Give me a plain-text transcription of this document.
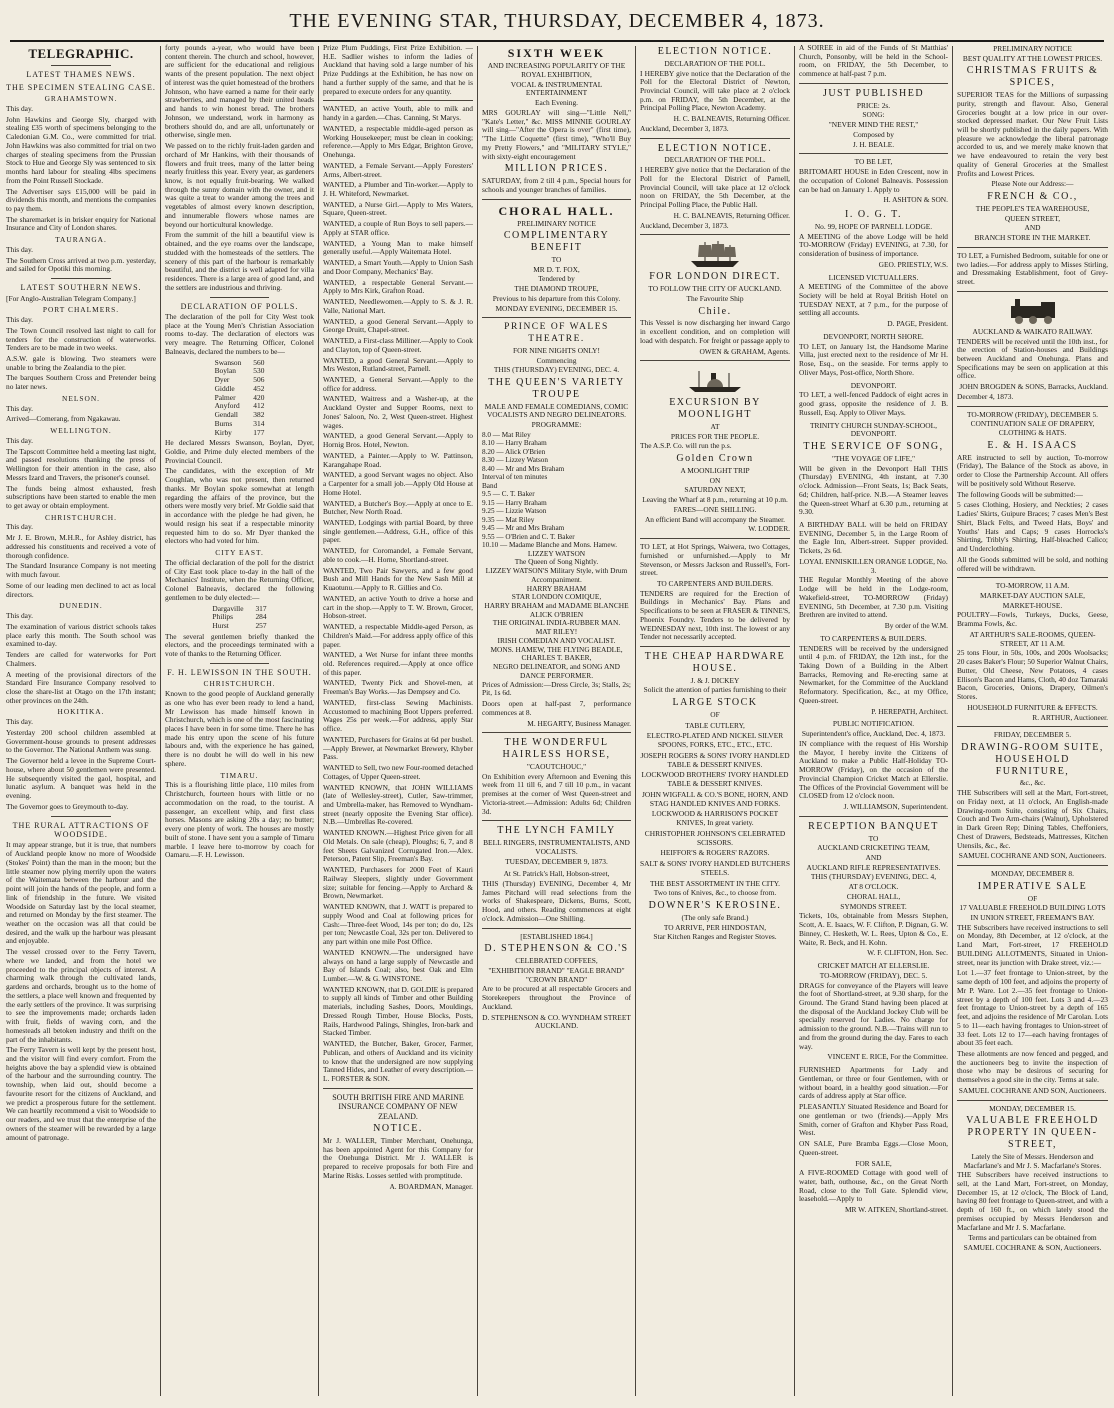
THE EVENING STAR, THURSDAY, DECEMBER 4, 1873.
TELEGRAPHIC.
LATEST THAMES NEWS.
THE SPECIMEN STEALING CASE.
GRAHAMSTOWN.

This day.

John Hawkins and George Sly, charged with stealing £35 worth of specimens belonging to the Caledonian G.M. Co., were committed for trial. John Hawkins was also committed for trial on two charges of stealing specimens from the Prussian Stock to Hue and George Sly was sentenced to six months hard labour for stealing 4lbs specimens from the Point Russell Stockade.

The Advertiser says £15,000 will be paid in dividends this month, and mentions the companies to pay them.

The sharemarket is in brisker enquiry for National Insurance and City of London shares.

TAURANGA.

This day.

The Southern Cross arrived at two p.m. yesterday, and sailed for Opotiki this morning.

LATEST SOUTHERN NEWS.

[For Anglo-Australian Telegram Company.]

PORT CHALMERS.

This day.

The Town Council resolved last night to call for tenders for the construction of waterworks. Tenders are to be made in two weeks.

A.S.W. gale is blowing. Two steamers were unable to bring the Zealandia to the pier.

The barques Southern Cross and Pretender being no later news.

NELSON.

This day.

Arrived—Comerang, from Ngakawau.

WELLINGTON.

This day.

The Tapscott Committee held a meeting last night, and passed resolutions thanking the press of Wellington for their attention in the case, also Messrs Izard and Travers, the prisoner's counsel.

The funds being almost exhausted, fresh subscriptions have been started to enable the men to get away or obtain employment.

CHRISTCHURCH.

This day.

Mr J. E. Brown, M.H.R., for Ashley district, has addressed his constituents and received a vote of thorough confidence.

The Standard Insurance Company is not meeting with much favour.

Some of our leading men declined to act as local directors.

DUNEDIN.

This day.

The examination of various district schools takes place early this month. The South school was examined to-day.

Tenders are called for waterworks for Port Chalmers.

A meeting of the provisional directors of the Standard Fire Insurance Company resolved to close the share-list at Otago on the 17th instant; other provinces on the 24th.

HOKITIKA.

This day.

Yesterday 200 school children assembled at Government-house grounds to present addresses to the Governor. The National Anthem was sung.

The Governor held a levee in the Supreme Court-house, where about 50 gentlemen were presented. He subsequently visited the gaol, hospital, and lunatic asylum. A banquet was held in the evening.

The Governor goes to Greymouth to-day.

THE RURAL ATTRACTIONS OF WOODSIDE.

It may appear strange, but it is true, that numbers of Auckland people know no more of Woodside (Stokes' Point) than the man in the moon; but the little steamer now plying merrily upon the waters of the Waitemata between the harbour and the point will join the hands of the people, and form a link of friendship in the future. We visited Woodside on Saturday last by the local steamer, and returned on Monday by the first steamer. The weather on the occasion was all that could be desired, and the walk up the harbour was pleasant and enjoyable.

The vessel crossed over to the Ferry Tavern, where we landed, and from the hotel we proceeded to the principal objects of interest. A charming walk through the cultivated lands, gardens and orchards, brought us to the home of the settlers, a place well known and frequented by the early settlers of the province. It was surprising to see the improvements made; orchards laden with fruit, fields of waving corn, and the homesteads all betoken industry and thrift on the part of the inhabitants.

The Ferry Tavern is well kept by the present host, and the visitor will find every comfort. From the heights above the bay a splendid view is obtained of the harbour and the surrounding country. The township, when laid out, should become a favourite resort for the citizens of Auckland, and we predict a prosperous future for the settlement. We can heartily recommend a visit to Woodside to our readers, and we trust that the enterprise of the owners of the steamer will be rewarded by a large amount of patronage.

forty pounds a-year, who would have been content therein. The church and school, however, are sufficient for the educational and religious wants of the present population. The next object of interest was the quiet homestead of the brothers Johnson, who have earned a name for their early strawberries, and managed by their united heads and hands to win honest bread. The brothers Johnson, we understand, work in harmony as brothers should do, and are all, unfortunately or otherwise, single men.

We passed on to the richly fruit-laden garden and orchard of Mr Hankins, with their thousands of flowers and fruit trees, many of the latter being nearly fruitless this year. Every year, as gardeners know, is not equally fruit-bearing. We walked through the sunny domain with the owner, and it was quite a treat to wander among the trees and vegetables of almost every known description, and innumerable flowers whose names are beyond our horticultural knowledge.

From the summit of the hill a beautiful view is obtained, and the eye roams over the landscape, studded with the homesteads of the settlers. The scenery of this part of the harbour is remarkably beautiful, and the district is well adapted for villa residences. There is a large area of good land, and the settlers are industrious and thriving.

DECLARATION OF POLLS.

The declaration of the poll for City West took place at the Young Men's Christian Association rooms to-day. The declaration of electors was very meagre. The Returning Officer, Colonel Balneavis, declared the numbers to be—

Swanson	560
Boylan	530
Dyer	506
Giddle	452
Palmer	420
Anyford	412
Gendall	382
Burns	314
Kirby	177

He declared Messrs Swanson, Boylan, Dyer, Goldie, and Prime duly elected members of the Provincial Council.

The candidates, with the exception of Mr Coughlan, who was not present, then returned thanks. Mr Boylan spoke somewhat at length regarding the affairs of the province, but the others were mostly very brief. Mr Goldie said that in accordance with the pledge he had given, he would resign his seat if a respectable minority requested him to do so. Mr Dyer thanked the electors who had voted for him.

CITY EAST.

The official declaration of the poll for the district of City East took place to-day in the hall of the Mechanics' Institute, when the Returning Officer, Colonel Balneavis, declared the following gentlemen to be duly elected:—

Dargaville	317
Philips	284
Hurst	257

The several gentlemen briefly thanked the electors, and the proceedings terminated with a vote of thanks to the Returning Officer.

F. H. LEWISSON IN THE SOUTH.
CHRISTCHURCH.

Known to the good people of Auckland generally as one who has ever been ready to lend a hand, Mr Lewisson has made himself known in Christchurch, which is one of the most fascinating places I have been in for some time. There he has made his entry upon the scene of his future labours and, with the experience he has gained, there is no doubt he will do well in his new sphere.

TIMARU.

This is a flourishing little place, 110 miles from Christchurch, fourteen hours with little or no accommodation on the road, to the tourist. A passenger, an excellent whip, and first class horses. Masons are asking 20s a day; no butter; every one plenty of work. The houses are mostly built of stone. I have sent you a sample of Timaru marble. I leave here to-morrow by coach for Oamaru.—F. H. Lewisson.

Prize Plum Puddings, First Prize Exhibition. — H.E. Sadlier wishes to inform the ladies of Auckland that having sold a large number of his Prize Puddings at the Exhibition, he has now on hand a further supply of the same, and that he is prepared to execute orders for any quantity.

WANTED, an active Youth, able to milk and handy in a garden.—Chas. Canning, St Marys.

WANTED, a respectable middle-aged person as Working Housekeeper; must be clean in cooking; reference.—Apply to Mrs Edgar, Brighton Grove, Onehunga.

WANTED, a Female Servant.—Apply Foresters' Arms, Albert-street.

WANTED, a Plumber and Tin-worker.—Apply to J. H. Whiteford, Newmarket.

WANTED, a Nurse Girl.—Apply to Mrs Waters, Square, Queen-street.

WANTED, a couple of Run Boys to sell papers.—Apply at STAR office.

WANTED, a Young Man to make himself generally useful.—Apply Waitemata Hotel.

WANTED, a Smart Youth.—Apply to Union Sash and Door Company, Mechanics' Bay.

WANTED, a respectable General Servant.—Apply to Mrs Kirk, Grafton Road.

WANTED, Needlewomen.—Apply to S. & J. R. Valle, National Mart.

WANTED, a good General Servant.—Apply to George Druitt, Chapel-street.

WANTED, a First-class Milliner.—Apply to Cook and Clayton, top of Queen-street.

WANTED, a good General Servant.—Apply to Mrs Weston, Rutland-street, Parnell.

WANTED, a General Servant.—Apply to the office for address.

WANTED, Waitress and a Washer-up, at the Auckland Oyster and Supper Rooms, next to Jones' Saloon, No. 2, West Queen-street. Highest wages.

WANTED, a good General Servant.—Apply to Hornig Bros. Hotel, Newton.

WANTED, a Painter.—Apply to W. Pattinson, Karangahape Road.

WANTED, a good Servant wages no object. Also a Carpenter for a small job.—Apply Old House at Home Hotel.

WANTED, a Butcher's Boy.—Apply at once to E. Butcher, New North Road.

WANTED, Lodgings with partial Board, by three single gentlemen.—Address, G.H., office of this paper.

WANTED, for Coromandel, a Female Servant, able to cook.—H. Horne, Shortland-street.

WANTED, Two Pair Sawyers, and a few good Bush and Mill Hands for the New Sash Mill at Kuaotunu.—Apply to R. Gillies and Co.

WANTED, an active Youth to drive a horse and cart in the shop.—Apply to T. W. Brown, Grocer, Hobson-street.

WANTED, a respectable Middle-aged Person, as Children's Maid.—For address apply office of this paper.

WANTED, a Wet Nurse for infant three months old. References required.—Apply at once office of this paper.

WANTED, Twenty Pick and Shovel-men, at Freeman's Bay Works.—Jas Dempsey and Co.

WANTED, first-class Sewing Machinists. Accustomed to machining Boot Uppers preferred. Wages 25s per week.—For address, apply Star office.

WANTED, Purchasers for Grains at 6d per bushel.—Apply Brewer, at Newmarket Brewery, Khyber Pass.

WANTED to Sell, two new Four-roomed detached Cottages, of Upper Queen-street.

WANTED KNOWN, that JOHN WILLIAMS (late of Wellesley-street), Cutler, Saw-trimmer, and Umbrella-maker, has Removed to Wyndham-street (nearly opposite the Evening Star office). N.B.—Umbrellas Re-covered.

WANTED KNOWN.—Highest Price given for all Old Metals. On sale (cheap), Ploughs; 6, 7, and 8 feet Sheets Galvanized Corrugated Iron.—Alex. Peterson, Patent Slip, Freeman's Bay.

WANTED, Purchasers for 2000 Feet of Kauri Railway Sleepers, slightly under Government size; suitable for fencing.—Apply to Archard & Brown, Newmarket.

WANTED KNOWN, that J. WATT is prepared to supply Wood and Coal at following prices for Cash:—Three-feet Wood, 14s per ton; do do, 12s per ton; Newcastle Coal, 32s per ton. Delivered to any part within one mile Post Office.

WANTED KNOWN.—The undersigned have always on hand a large supply of Newcastle and Bay of Islands Coal; also, best Oak and Elm Lumber.—W. & G. WINSTONE.

WANTED KNOWN, that D. GOLDIE is prepared to supply all kinds of Timber and other Building materials, including Sashes, Doors, Mouldings, Dressed Rough Timber, House Blocks, Posts, Rails, Hardwood Palings, Shingles, Iron-bark and Stacked Timber.

WANTED, the Butcher, Baker, Grocer, Farmer, Publican, and others of Auckland and its vicinity to know that the undersigned are now supplying Tanned Hides, and Leather of every description.—L. FORSTER & SON.

SOUTH BRITISH FIRE AND MARINE INSURANCE COMPANY OF NEW ZEALAND.
NOTICE.

Mr J. WALLER, Timber Merchant, Onehunga, has been appointed Agent for this Company for the Onehunga District. Mr J. WALLER is prepared to receive proposals for both Fire and Marine Risks. Losses settled with promptitude.

A. BOARDMAN, Manager.
SIXTH WEEK
AND INCREASING POPULARITY OF THE ROYAL EXHIBITION,
VOCAL & INSTRUMENTAL ENTERTAINMENT
Each Evening.

MRS GOURLAY will sing—"Little Nell," "Kate's Letter," &c. MISS MINNIE GOURLAY will sing—"After the Opera is over" (first time), "The Little Coquette" (first time), "Who'll Buy my Pretty Flowers," and "MILITARY STYLE," with sixty-eight encouragement

MILLION PRICES.

SATURDAY, from 2 till 4 p.m., Special hours for schools and younger branches of families.

CHORAL HALL.
PRELIMINARY NOTICE
COMPLIMENTARY BENEFIT
TO
MR D. T. FOX,
Tendered by
THE DIAMOND TROUPE,
Previous to his departure from this Colony.
MONDAY EVENING, DECEMBER 15.
PRINCE OF WALES THEATRE.
FOR NINE NIGHTS ONLY!
Commencing
THIS (THURSDAY) EVENING, DEC. 4.
THE QUEEN'S VARIETY TROUPE
MALE AND FEMALE COMEDIANS, COMIC VOCALISTS AND NEGRO DELINEATORS.
PROGRAMME:
8.0 — Mat Riley
8.10 — Harry Braham
8.20 — Alick O'Brien
8.30 — Lizzey Watson
8.40 — Mr and Mrs Braham
Interval of ten minutes
Band
9.5 — C. T. Baker
9.15 — Harry Braham
9.25 — Lizzie Watson
9.35 — Mat Riley
9.45 — Mr and Mrs Braham
9.55 — O'Brien and C. T. Baker
10.10 — Madame Blanche and Mons. Hamew.
LIZZEY WATSON
The Queen of Song Nightly.
LIZZEY WATSON'S Military Style, with Drum Accompaniment.
HARRY BRAHAM
STAR LONDON COMIQUE,
HARRY BRAHAM and MADAME BLANCHE
ALICK O'BRIEN
THE ORIGINAL INDIA-RUBBER MAN.
MAT RILEY!
IRISH COMEDIAN AND VOCALIST.
MONS. HAMEW, THE FLYING BEADLE,
CHARLES T. BAKER,
NEGRO DELINEATOR, and SONG AND DANCE PERFORMER.

Prices of Admission:—Dress Circle, 3s; Stalls, 2s; Pit, 1s 6d.

Doors open at half-past 7, performance commences at 8.

M. HEGARTY, Business Manager.
THE WONDERFUL HAIRLESS HORSE,
"CAOUTCHOUC,"

On Exhibition every Afternoon and Evening this week from 11 till 6, and 7 till 10 p.m., in vacant premises at the corner of West Queen-street and Victoria-street.—Admission: Adults 6d; Children 3d.

THE LYNCH FAMILY
BELL RINGERS, INSTRUMENTALISTS, AND VOCALISTS.
TUESDAY, DECEMBER 9, 1873.
At St. Patrick's Hall, Hobson-street,

THIS (Thursday) EVENING, December 4, Mr James Pitchard will read selections from the works of Shakespeare, Dickens, Burns, Scott, Hood, and others. Reading commences at eight o'clock. Admission—One Shilling.

[ESTABLISHED 1864.]
D. STEPHENSON & CO.'S
CELEBRATED COFFEES,
"EXHIBITION BRAND" "EAGLE BRAND" "CROWN BRAND"

Are to be procured at all respectable Grocers and Storekeepers throughout the Province of Auckland.

D. STEPHENSON & CO. WYNDHAM STREET AUCKLAND.
ELECTION NOTICE.
DECLARATION OF THE POLL.

I HEREBY give notice that the Declaration of the Poll for the Electoral District of Newton, Provincial Council, will take place at 2 o'clock p.m. on FRIDAY, the 5th December, at the Principal Polling Place, Newton Academy.

H. C. BALNEAVIS, Returning Officer.
Auckland, December 3, 1873.
ELECTION NOTICE.
DECLARATION OF THE POLL.

I HEREBY give notice that the Declaration of the Poll for the Electoral District of Parnell, Provincial Council, will take place at 12 o'clock noon on FRIDAY, the 5th December, at the Principal Polling Place, the Public Hall.

H. C. BALNEAVIS, Returning Officer.
Auckland, December 3, 1873.
FOR LONDON DIRECT.
TO FOLLOW THE CITY OF AUCKLAND.
The Favourite Ship
Chile.

This Vessel is now discharging her inward Cargo in excellent condition, and on completion will load with despatch. For freight or passage apply to

OWEN & GRAHAM, Agents.
EXCURSION BY MOONLIGHT
AT
PRICES FOR THE PEOPLE.

The A.S.P. Co. will run the p.s.

Golden Crown
A MOONLIGHT TRIP
ON
SATURDAY NEXT,
Leaving the Wharf at 8 p.m., returning at 10 p.m.
FARES—ONE SHILLING.
An efficient Band will accompany the Steamer.
W. LODDER.

TO LET, at Hot Springs, Waiwera, two Cottages, furnished or unfurnished.—Apply to Mr Stevenson, or Messrs Jackson and Russell's, Fort-street.

TO CARPENTERS AND BUILDERS.

TENDERS are required for the Erection of Buildings in Mechanics' Bay. Plans and Specifications to be seen at FRASER & TINNE'S, Phoenix Foundry. Tenders to be delivered by WEDNESDAY next, 10th inst. The lowest or any Tender not necessarily accepted.

THE CHEAP HARDWARE HOUSE.
J. & J. DICKEY
Solicit the attention of parties furnishing to their
LARGE STOCK
OF
TABLE CUTLERY,
ELECTRO-PLATED AND NICKEL SILVER SPOONS, FORKS, ETC., ETC., ETC.
JOSEPH ROGERS & SONS' IVORY HANDLED TABLE & DESSERT KNIVES.
LOCKWOOD BROTHERS' IVORY HANDLED TABLE & DESSERT KNIVES.
JOHN WIGFALL & CO.'S BONE, HORN, AND STAG HANDLED KNIVES AND FORKS.
LOCKWOOD & HARRISON'S POCKET KNIVES, In great variety.
CHRISTOPHER JOHNSON'S CELEBRATED SCISSORS.
HEIFFOR'S & ROGERS' RAZORS.
SALT & SONS' IVORY HANDLED BUTCHERS STEELS.
THE BEST ASSORTMENT IN THE CITY.
Two tons of Knives, &c., to choose from.
DOWNER'S KEROSINE.
(The only safe Brand.)
TO ARRIVE, PER HINDOSTAN,
Star Kitchen Ranges and Register Stoves.

A SOIREE in aid of the Funds of St Matthias' Church, Ponsonby, will be held in the School-room, on FRIDAY, the 5th December, to commence at half-past 7 p.m.

JUST PUBLISHED
PRICE: 2s.
SONG:
"NEVER MIND THE REST,"
Composed by
J. H. BEALE.
TO BE LET,

BRITOMART HOUSE in Eden Crescent, now in the occupation of Colonel Balneavis. Possession can be had on January 1. Apply to

H. ASHTON & SON.
I. O. G. T.
No. 99, HOPE OF PARNELL LODGE.

A MEETING of the above Lodge will be held TO-MORROW (Friday) EVENING, at 7.30, for consideration of business of importance.

GEO. PRIESTLY, W.S.
LICENSED VICTUALLERS.

A MEETING of the Committee of the above Society will be held at Royal British Hotel on TUESDAY NEXT, at 7 p.m., for the purpose of settling all accounts.

D. PAGE, President.
DEVONPORT, NORTH SHORE.

TO LET, on January 1st, the Handsome Marine Villa, just erected next to the residence of Mr H. Rose, Esq., on the seaside. For terms apply to Oliver Mays, Post-office, North Shore.

DEVONPORT.

TO LET, a well-fenced Paddock of eight acres in good grass, opposite the residence of J. B. Russell, Esq. Apply to Oliver Mays.

TRINITY CHURCH SUNDAY-SCHOOL, DEVONPORT.
THE SERVICE OF SONG,
"THE VOYAGE OF LIFE,"

Will be given in the Devonport Hall THIS (Thursday) EVENING, 4th instant, at 7.30 o'clock. Admission—Front Seats, 1s; Back Seats, 6d; Children, half-price. N.B.—A Steamer leaves the Queen-street Wharf at 6.30 p.m., returning at 9.30.

A BIRTHDAY BALL will be held on FRIDAY EVENING, December 5, in the Large Room of the Eagle Inn, Albert-street. Supper provided. Tickets, 2s 6d.

LOYAL ENNISKILLEN ORANGE LODGE, No. 3.

THE Regular Monthly Meeting of the above Lodge will be held in the Lodge-room, Wakefield-street, TO-MORROW (Friday) EVENING, 5th December, at 7.30 p.m. Visiting Brethren are invited to attend.

By order of the W.M.
TO CARPENTERS & BUILDERS.

TENDERS will be received by the undersigned until 4 p.m. of FRIDAY, the 12th inst., for the Taking Down of a Building in the Albert Barracks, Removing and Re-erecting same at Newmarket, for the Committee of the Auckland Reformatory. Specification, &c., at my Office, Queen-street.

P. HEREPATH, Architect.
PUBLIC NOTIFICATION.
Superintendent's office, Auckland, Dec. 4, 1873.

IN compliance with the request of His Worship the Mayor, I hereby invite the Citizens of Auckland to make a Public Half-Holiday TO-MORROW (Friday), on the occasion of the Provincial Champion Cricket Match at Ellerslie. The Offices of the Provincial Government will be CLOSED from 12 o'clock noon.

J. WILLIAMSON, Superintendent.
RECEPTION BANQUET
TO
AUCKLAND CRICKETING TEAM,
AND
AUCKLAND RIFLE REPRESENTATIVES.
THIS (THURSDAY) EVENING, DEC. 4,
AT 8 O'CLOCK.
CHORAL HALL,
SYMONDS STREET.

Tickets, 10s, obtainable from Messrs Stephen, Scott, A. E. Isaacs, W. F. Clifton, P. Dignan, G. W. Binney, C. Hesketh, W. L. Rees, Upton & Co., E. Waite, R. Beck, and H. Kohn.

W. F. CLIFTON, Hon. Sec.
CRICKET MATCH AT ELLERSLIE.
TO-MORROW (FRIDAY), DEC. 5.

DRAGS for conveyance of the Players will leave the foot of Shortland-street, at 9.30 sharp, for the Ground. The Grand Stand having been placed at the disposal of the Auckland Jockey Club will be specially reserved for Ladies. No charge for admission to the ground. N.B.—Trains will run to and from the ground during the day. Fares to each way.

VINCENT E. RICE, For the Committee.

FURNISHED Apartments for Lady and Gentleman, or three or four Gentlemen, with or without board, in a healthy good situation.—For cards of address apply at Star office.

PLEASANTLY Situated Residence and Board for one gentleman or two (friends).—Apply Mrs Smith, corner of Grafton and Khyber Pass Road, West.

ON SALE, Pure Bramba Eggs.—Close Moon, Queen-street.

FOR SALE,

A FIVE-ROOMED Cottage with good well of water, bath, outhouse, &c., on the Great North Road, close to the Toll Gate. Splendid view, leasehold.—Apply to

MR W. AITKEN, Shortland-street.
PRELIMINARY NOTICE
BEST QUALITY AT THE LOWEST PRICES.
CHRISTMAS FRUITS & SPICES,

SUPERIOR TEAS for the Millions of surpassing purity, strength and flavour. Also, General Groceries bought at a low price in our over-stocked depressed market. Our New Fruit Lists will be shortly published in the daily papers. With pleasure we acknowledge the liberal patronage accorded to us, and we merely make known that we have endeavoured to retain the very best quality of General Groceries at the Smallest Profits and Lowest Prices.

Please Note our Address:—
FRENCH & CO.,
THE PEOPLE'S TEA WAREHOUSE,
QUEEN STREET,
AND
BRANCH STORE IN THE MARKET.

TO LET, a Furnished Bedroom, suitable for one or two ladies.—For address apply to Misses Stirling, and Dressmaking Establishment, foot of Grey-street.

AUCKLAND & WAIKATO RAILWAY.

TENDERS will be received until the 10th inst., for the erection of Station-houses and Buildings between Auckland and Onehunga. Plans and Specifications may be seen on application at this office.

JOHN BROGDEN & SONS, Barracks, Auckland.
December 4, 1873.
TO-MORROW (FRIDAY), DECEMBER 5.
CONTINUATION SALE OF DRAPERY, CLOTHING & HATS.
E. & H. ISAACS

ARE instructed to sell by auction, To-morrow (Friday), The Balance of the Stock as above, in order to Close the Partnership Account. All offers will be positively sold Without Reserve.

The following Goods will be submitted:—

5 cases Clothing, Hosiery, and Neckties; 2 cases Ladies' Skirts, Guipure Braces; 7 cases Men's Best Shirt, Black Felts, and Tweed Hats, Boys' and Youths' Hats and Caps; 9 cases Horrocks's Shirting, Tribly's Shirting, Half-bleached Calico; and Underclothing.

All the Goods submitted will be sold, and nothing offered will be withdrawn.

TO-MORROW, 11 A.M.
MARKET-DAY AUCTION SALE,
MARKET-HOUSE.

POULTRY—Fowls, Turkeys, Ducks, Geese, Bramma Fowls, &c.

AT ARTHUR'S SALE-ROOMS, QUEEN-STREET, AT 11 A.M.

25 tons Flour, in 50s, 100s, and 200s Woolsacks; 20 cases Baker's Flour; 50 Superior Walnut Chairs, Butter, Old Cheese, New Potatoes, 4 cases Ellison's Bacon and Hams, Cloth, 40 doz Tamaraki Bacon, Groceries, Onions, Drapery, Oilmen's Stores.

HOUSEHOLD FURNITURE & EFFECTS.
R. ARTHUR, Auctioneer.
FRIDAY, DECEMBER 5.
DRAWING-ROOM SUITE, HOUSEHOLD FURNITURE,
&c., &c.

THE Subscribers will sell at the Mart, Fort-street, on Friday next, at 11 o'clock, An English-made Drawing-room Suite, consisting of Six Chairs, Couch and Two Arm-chairs (Walnut), Upholstered in Dark Green Rep; Dining Tables, Cheffoniers, Chest of Drawers, Bedsteads, Mattresses, Kitchen Utensils, &c., &c.

SAMUEL COCHRANE AND SON, Auctioneers.
MONDAY, DECEMBER 8.
IMPERATIVE SALE
OF
17 VALUABLE FREEHOLD BUILDING LOTS
IN UNION STREET, FREEMAN'S BAY.

THE Subscribers have received instructions to sell on Monday, 8th December, at 12 o'clock, at the Land Mart, Fort-street, 17 FREEHOLD BUILDING ALLOTMENTS, Situated in Union-street, near its junction with Drake street, viz.:—

Lot 1.—37 feet frontage to Union-street, by the same depth of 100 feet, and adjoins the property of Mr P. Ware. Lot 2.—35 feet frontage to Union-street by a depth of 100 feet. Lots 3 and 4.—23 feet frontage to Union-street by a depth of 165 feet, and adjoins the residence of Mr Carolan. Lots 5 to 11—each having frontages to Union-street of 33 feet. Lots 12 to 17—each having frontages of about 35 feet each.

These allotments are now fenced and pegged, and the auctioneers beg to invite the inspection of those who may be desirous of securing for themselves a good site in the city. Terms at sale.

SAMUEL COCHRANE AND SON, Auctioneers.
MONDAY, DECEMBER 15.
VALUABLE FREEHOLD PROPERTY IN QUEEN-STREET,
Lately the Site of Messrs. Henderson and Macfarlane's and Mr J. S. Macfarlane's Stores.

THE Subscribers have received instructions to sell, at the Land Mart, Fort-street, on Monday, December 15, at 12 o'clock, The Block of Land, having 80 feet frontage to Queen-street, and with a depth of 160 ft., on which lately stood the premises occupied by Messrs Henderson and Macfarlane and Mr J. S. Macfarlane.

Terms and particulars can be obtained from
SAMUEL COCHRANE & SON, Auctioneers.
